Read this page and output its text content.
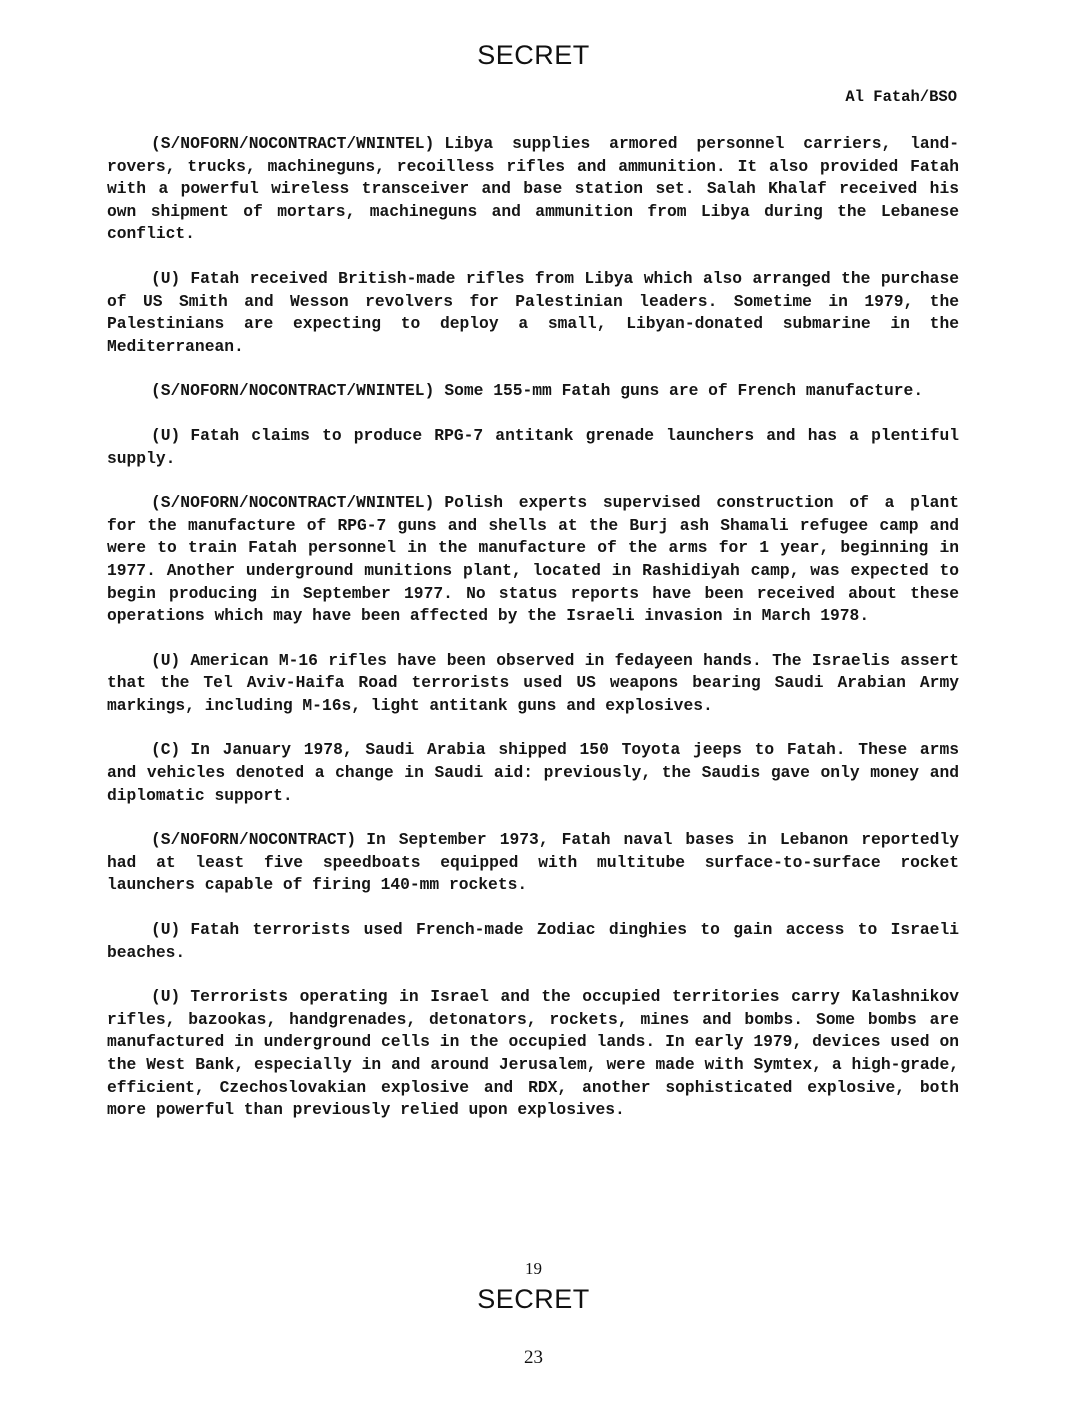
SECRET
Al Fatah/BSO

(S/NOFORN/NOCONTRACT/WNINTEL) Libya supplies armored personnel carriers, land-rovers, trucks, machineguns, recoilless rifles and ammunition. It also provided Fatah with a powerful wireless transceiver and base station set. Salah Khalaf received his own shipment of mortars, machineguns and ammunition from Libya during the Lebanese conflict.

(U) Fatah received British-made rifles from Libya which also arranged the purchase of US Smith and Wesson revolvers for Palestinian leaders. Sometime in 1979, the Palestinians are expecting to deploy a small, Libyan-donated submarine in the Mediterranean.

(S/NOFORN/NOCONTRACT/WNINTEL) Some 155-mm Fatah guns are of French manufacture.

(U) Fatah claims to produce RPG-7 antitank grenade launchers and has a plentiful supply.

(S/NOFORN/NOCONTRACT/WNINTEL) Polish experts supervised construction of a plant for the manufacture of RPG-7 guns and shells at the Burj ash Shamali refugee camp and were to train Fatah personnel in the manufacture of the arms for 1 year, beginning in 1977. Another underground munitions plant, located in Rashidiyah camp, was expected to begin producing in September 1977. No status reports have been received about these operations which may have been affected by the Israeli invasion in March 1978.

(U) American M-16 rifles have been observed in fedayeen hands. The Israelis assert that the Tel Aviv-Haifa Road terrorists used US weapons bearing Saudi Arabian Army markings, including M-16s, light antitank guns and explosives.

(C) In January 1978, Saudi Arabia shipped 150 Toyota jeeps to Fatah. These arms and vehicles denoted a change in Saudi aid: previously, the Saudis gave only money and diplomatic support.

(S/NOFORN/NOCONTRACT) In September 1973, Fatah naval bases in Lebanon reportedly had at least five speedboats equipped with multitube surface-to-surface rocket launchers capable of firing 140-mm rockets.

(U) Fatah terrorists used French-made Zodiac dinghies to gain access to Israeli beaches.

(U) Terrorists operating in Israel and the occupied territories carry Kalashnikov rifles, bazookas, handgrenades, detonators, rockets, mines and bombs. Some bombs are manufactured in underground cells in the occupied lands. In early 1979, devices used on the West Bank, especially in and around Jerusalem, were made with Symtex, a high-grade, efficient, Czechoslovakian explosive and RDX, another sophisticated explosive, both more powerful than previously relied upon explosives.

19
SECRET
23
